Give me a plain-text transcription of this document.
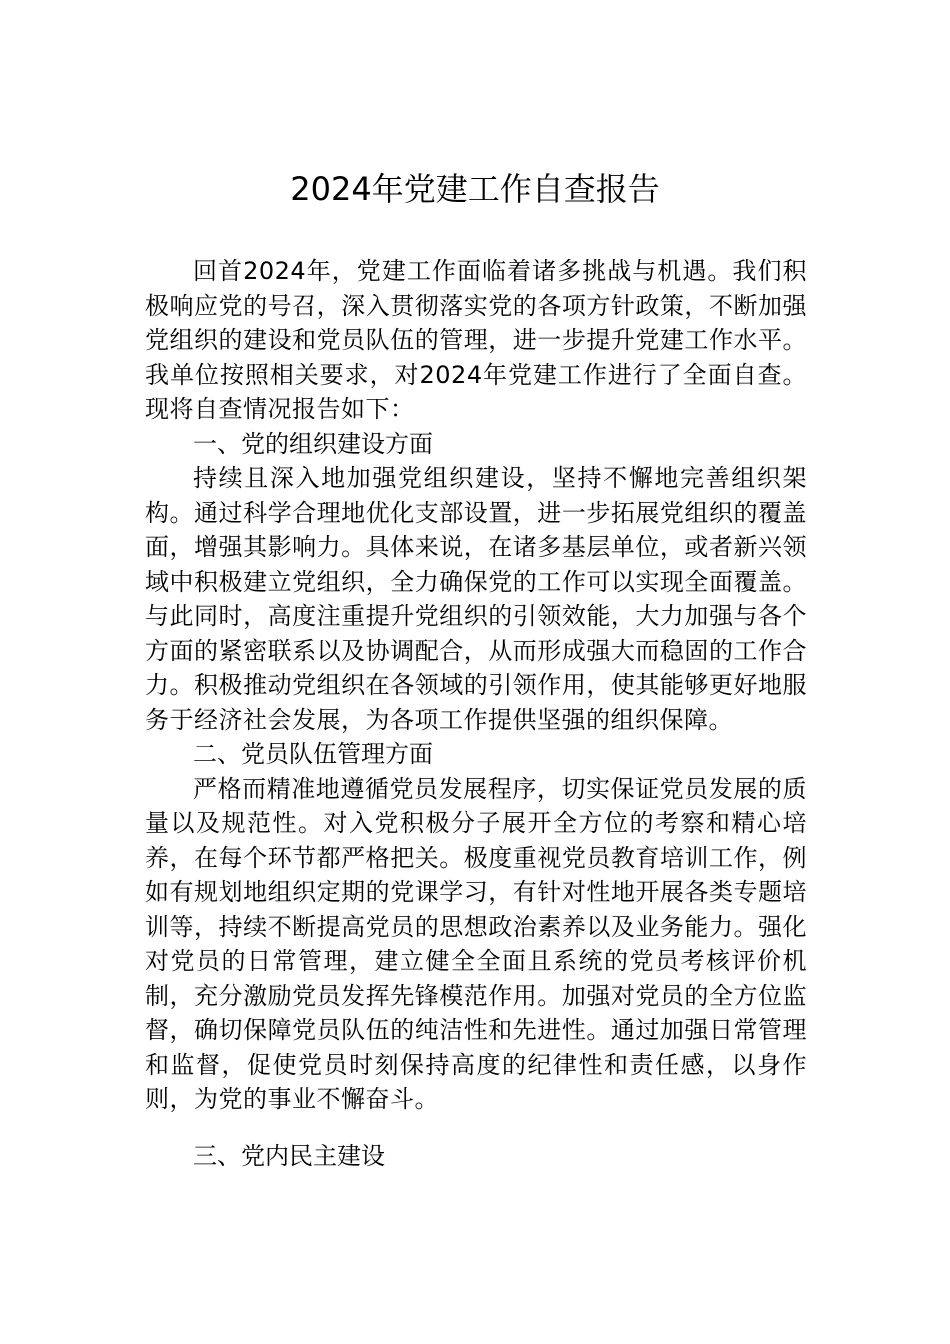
2024年党建工作自查报告

回首2024年，党建工作面临着诸多挑战与机遇。我们积极响应党的号召，深入贯彻落实党的各项方针政策，不断加强党组织的建设和党员队伍的管理，进一步提升党建工作水平。我单位按照相关要求，对2024年党建工作进行了全面自查。现将自查情况报告如下：

一、党的组织建设方面

持续且深入地加强党组织建设，坚持不懈地完善组织架构。通过科学合理地优化支部设置，进一步拓展党组织的覆盖面，增强其影响力。具体来说，在诸多基层单位，或者新兴领域中积极建立党组织，全力确保党的工作可以实现全面覆盖。与此同时，高度注重提升党组织的引领效能，大力加强与各个方面的紧密联系以及协调配合，从而形成强大而稳固的工作合力。积极推动党组织在各领域的引领作用，使其能够更好地服务于经济社会发展，为各项工作提供坚强的组织保障。

二、党员队伍管理方面

严格而精准地遵循党员发展程序，切实保证党员发展的质量以及规范性。对入党积极分子展开全方位的考察和精心培养，在每个环节都严格把关。极度重视党员教育培训工作，例如有规划地组织定期的党课学习，有针对性地开展各类专题培训等，持续不断提高党员的思想政治素养以及业务能力。强化对党员的日常管理，建立健全全面且系统的党员考核评价机制，充分激励党员发挥先锋模范作用。加强对党员的全方位监督，确切保障党员队伍的纯洁性和先进性。通过加强日常管理和监督，促使党员时刻保持高度的纪律性和责任感，以身作则，为党的事业不懈奋斗。

三、党内民主建设
